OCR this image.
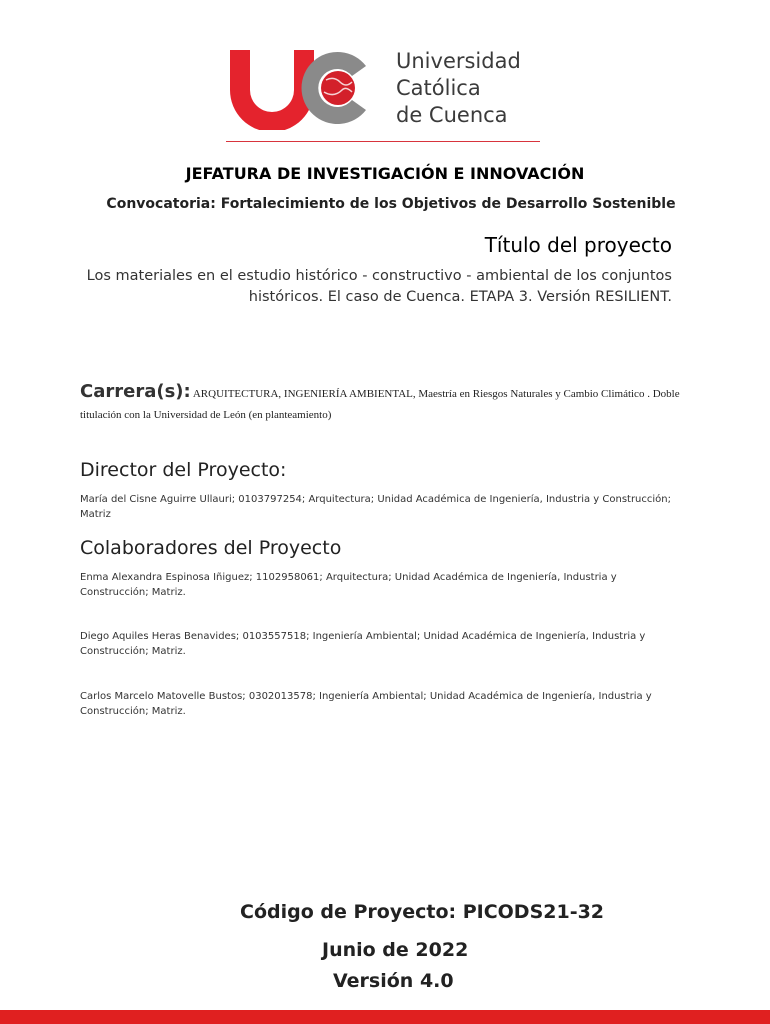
Universidad
Católica
de Cuenca
JEFATURA DE INVESTIGACIÓN E INNOVACIÓN
Convocatoria: Fortalecimiento de los Objetivos de Desarrollo Sostenible
Título del proyecto
Los materiales en el estudio histórico - constructivo - ambiental de los conjuntos históricos. El caso de Cuenca. ETAPA 3. Versión RESILIENT.
Carrera(s): ARQUITECTURA, INGENIERÍA AMBIENTAL, Maestría en Riesgos Naturales y Cambio Climático . Doble titulación con la Universidad de León (en planteamiento)
Director del Proyecto:
María del Cisne Aguirre Ullauri; 0103797254; Arquitectura; Unidad Académica de Ingeniería, Industria y Construcción; Matriz
Colaboradores del Proyecto
Enma Alexandra Espinosa Iñiguez; 1102958061; Arquitectura; Unidad Académica de Ingeniería, Industria y Construcción; Matriz.
Diego Aquiles Heras Benavides; 0103557518; Ingeniería Ambiental; Unidad Académica de Ingeniería, Industria y Construcción; Matriz.
Carlos Marcelo Matovelle Bustos; 0302013578; Ingeniería Ambiental; Unidad Académica de Ingeniería, Industria y Construcción; Matriz.
Código de Proyecto: PICODS21-32
Junio de 2022
Versión 4.0
